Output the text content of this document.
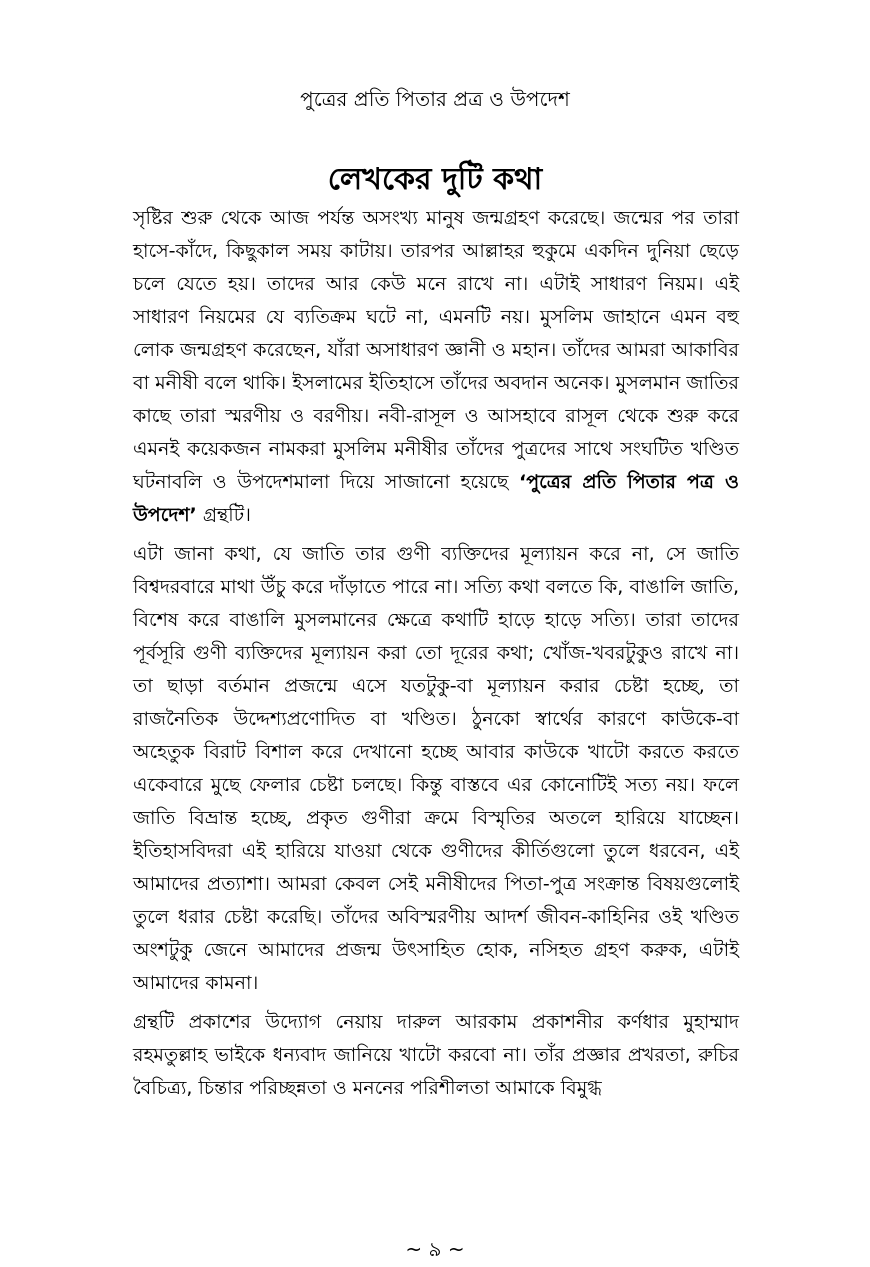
পুত্রের প্রতি পিতার প্রত্র ও উপদেশ
লেখকের দুটি কথা

সৃষ্টির শুরু থেকে আজ পর্যন্ত অসংখ্য মানুষ জন্মগ্রহণ করেছে। জন্মের পর তারা হাসে-কাঁদে, কিছুকাল সময় কাটায়। তারপর আল্লাহর হুকুমে একদিন দুনিয়া ছেড়ে চলে যেতে হয়। তাদের আর কেউ মনে রাখে না। এটাই সাধারণ নিয়ম। এই সাধারণ নিয়মের যে ব্যতিক্রম ঘটে না, এমনটি নয়। মুসলিম জাহানে এমন বহু লোক জন্মগ্রহণ করেছেন, যাঁরা অসাধারণ জ্ঞানী ও মহান। তাঁদের আমরা আকাবির বা মনীষী বলে থাকি। ইসলামের ইতিহাসে তাঁদের অবদান অনেক। মুসলমান জাতির কাছে তারা স্মরণীয় ও বরণীয়। নবী-রাসূল ও আসহাবে রাসূল থেকে শুরু করে এমনই কয়েকজন নামকরা মুসলিম মনীষীর তাঁদের পুত্রদের সাথে সংঘটিত খণ্ডিত ঘটনাবলি ও উপদেশমালা দিয়ে সাজানো হয়েছে ‘পুত্রের প্রতি পিতার পত্র ও উপদেশ’ গ্রন্থটি।

এটা জানা কথা, যে জাতি তার গুণী ব্যক্তিদের মূল্যায়ন করে না, সে জাতি বিশ্বদরবারে মাথা উঁচু করে দাঁড়াতে পারে না। সত্যি কথা বলতে কি, বাঙালি জাতি, বিশেষ করে বাঙালি মুসলমানের ক্ষেত্রে কথাটি হাড়ে হাড়ে সত্যি। তারা তাদের পূর্বসূরি গুণী ব্যক্তিদের মূল্যায়ন করা তো দূরের কথা; খোঁজ-খবরটুকুও রাখে না। তা ছাড়া বর্তমান প্রজন্মে এসে যতটুকু-বা মূল্যায়ন করার চেষ্টা হচ্ছে, তা রাজনৈতিক উদ্দেশ্যপ্রণোদিত বা খণ্ডিত। ঠুনকো স্বার্থের কারণে কাউকে-বা অহেতুক বিরাট বিশাল করে দেখানো হচ্ছে আবার কাউকে খাটো করতে করতে একেবারে মুছে ফেলার চেষ্টা চলছে। কিন্তু বাস্তবে এর কোনোটিই সত্য নয়। ফলে জাতি বিভ্রান্ত হচ্ছে, প্রকৃত গুণীরা ক্রমে বিস্মৃতির অতলে হারিয়ে যাচ্ছেন। ইতিহাসবিদরা এই হারিয়ে যাওয়া থেকে গুণীদের কীর্তিগুলো তুলে ধরবেন, এই আমাদের প্রত্যাশা। আমরা কেবল সেই মনীষীদের পিতা-পুত্র সংক্রান্ত বিষয়গুলোই তুলে ধরার চেষ্টা করেছি। তাঁদের অবিস্মরণীয় আদর্শ জীবন-কাহিনির ওই খণ্ডিত অংশটুকু জেনে আমাদের প্রজন্ম উৎসাহিত হোক, নসিহত গ্রহণ করুক, এটাই আমাদের কামনা।

গ্রন্থটি প্রকাশের উদ্যোগ নেয়ায় দারুল আরকাম প্রকাশনীর কর্ণধার মুহাম্মাদ রহমতুল্লাহ ভাইকে ধন্যবাদ জানিয়ে খাটো করবো না। তাঁর প্রজ্ঞার প্রখরতা, রুচির বৈচিত্র্য, চিন্তার পরিচ্ছন্নতা ও মননের পরিশীলতা আমাকে বিমুগ্ধ

~ ৯ ~
